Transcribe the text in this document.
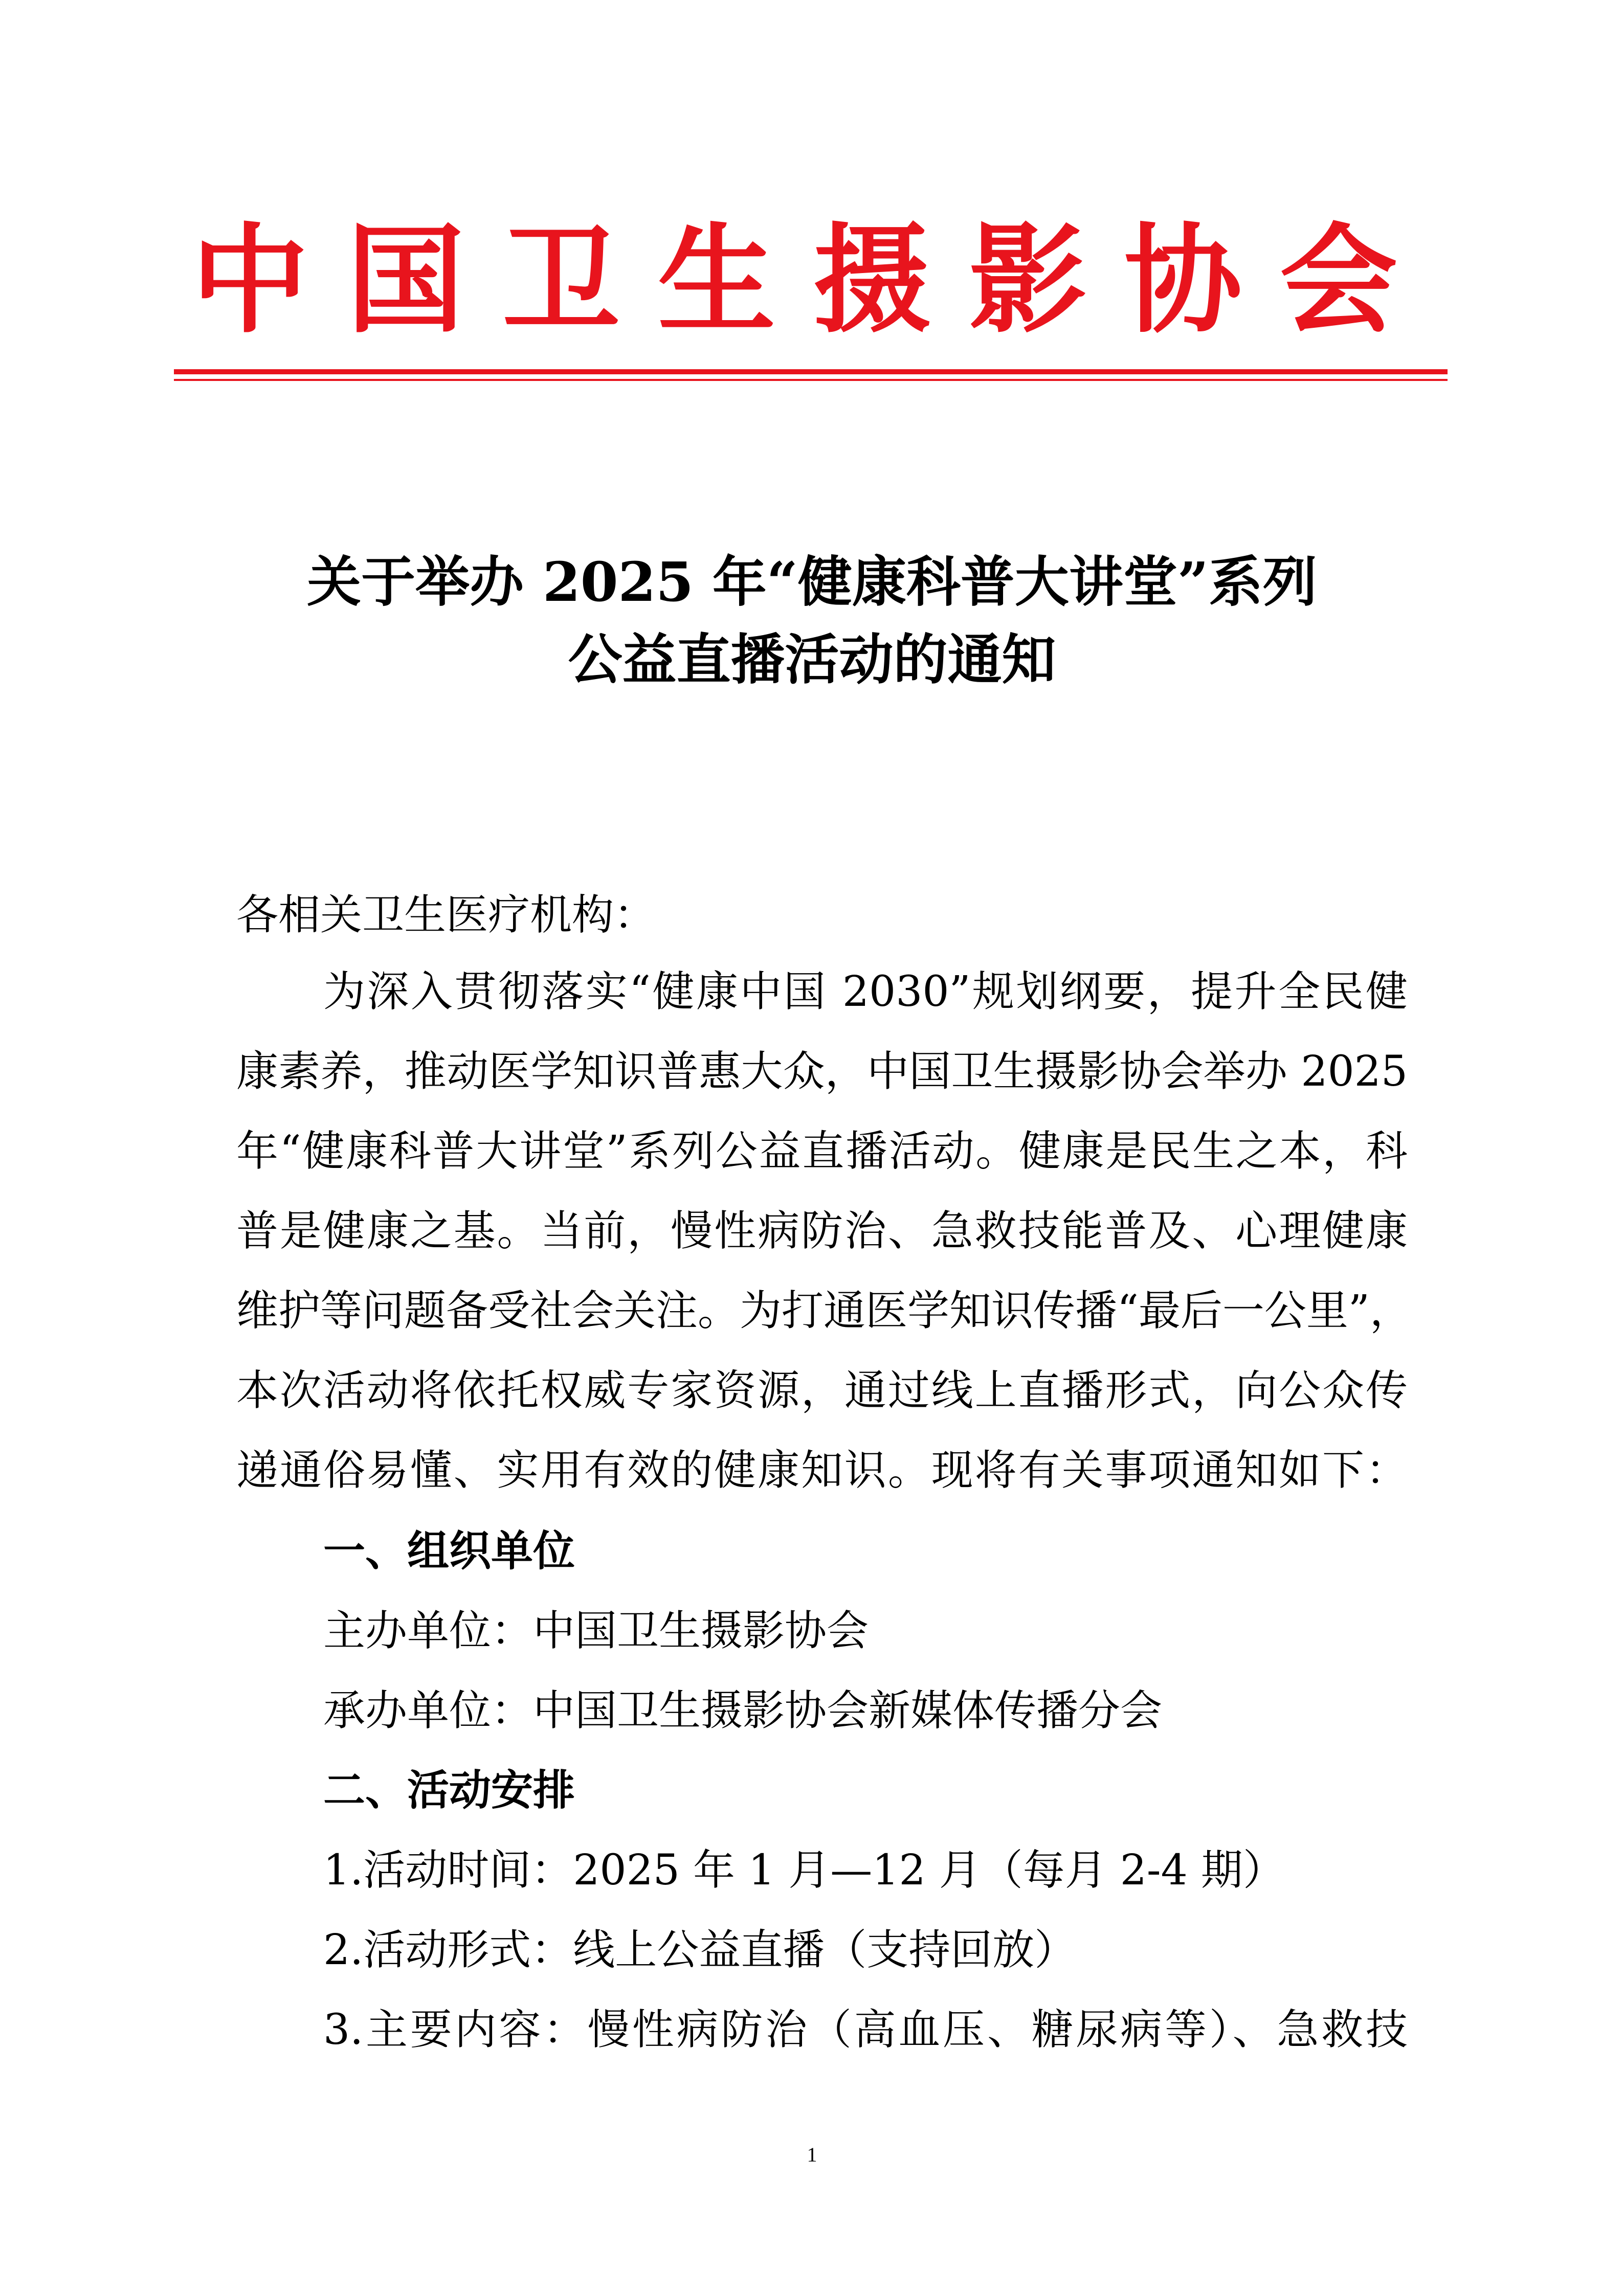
中国卫生摄影协会
关于举办 2025 年“健康科普大讲堂”系列
公益直播活动的通知

各相关卫生医疗机构：

为深入贯彻落实“健康中国 2030”规划纲要，提升全民健

康素养，推动医学知识普惠大众，中国卫生摄影协会举办 2025

年“健康科普大讲堂”系列公益直播活动。健康是民生之本，科

普是健康之基。当前，慢性病防治、急救技能普及、心理健康

维护等问题备受社会关注。为打通医学知识传播“最后一公里”，

本次活动将依托权威专家资源，通过线上直播形式，向公众传

递通俗易懂、实用有效的健康知识。现将有关事项通知如下：

一、组织单位

主办单位：中国卫生摄影协会

承办单位：中国卫生摄影协会新媒体传播分会

二、活动安排

1.活动时间：2025 年 1 月—12 月（每月 2-4 期）

2.活动形式：线上公益直播（支持回放）

3.主要内容：慢性病防治（高血压、糖尿病等）、急救技

1
